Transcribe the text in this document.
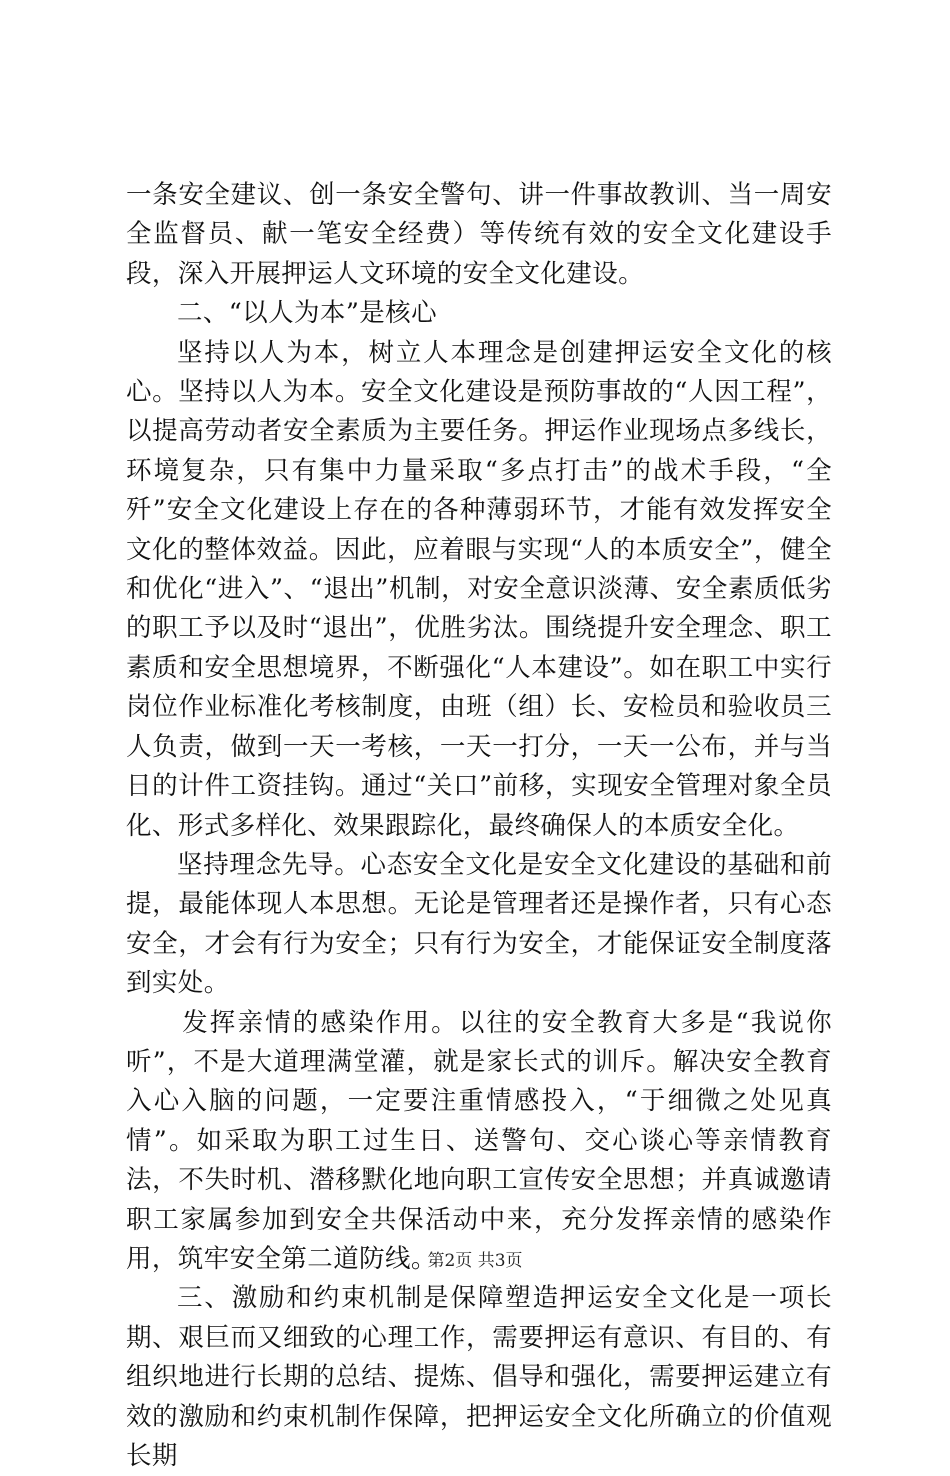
一条安全建议、创一条安全警句、讲一件事故教训、当一周安全监督员、献一笔安全经费）等传统有效的安全文化建设手段，深入开展押运人文环境的安全文化建设。

二、“以人为本”是核心

坚持以人为本，树立人本理念是创建押运安全文化的核心。坚持以人为本。安全文化建设是预防事故的“人因工程”，以提高劳动者安全素质为主要任务。押运作业现场点多线长，环境复杂，只有集中力量采取“多点打击”的战术手段，“全歼”安全文化建设上存在的各种薄弱环节，才能有效发挥安全文化的整体效益。因此，应着眼与实现“人的本质安全”，健全和优化“进入”、“退出”机制，对安全意识淡薄、安全素质低劣的职工予以及时“退出”，优胜劣汰。围绕提升安全理念、职工素质和安全思想境界，不断强化“人本建设”。如在职工中实行岗位作业标准化考核制度，由班（组）长、安检员和验收员三人负责，做到一天一考核，一天一打分，一天一公布，并与当日的计件工资挂钩。通过“关口”前移，实现安全管理对象全员化、形式多样化、效果跟踪化，最终确保人的本质安全化。

坚持理念先导。心态安全文化是安全文化建设的基础和前提，最能体现人本思想。无论是管理者还是操作者，只有心态安全，才会有行为安全；只有行为安全，才能保证安全制度落到实处。

发挥亲情的感染作用。以往的安全教育大多是“我说你听”，不是大道理满堂灌，就是家长式的训斥。解决安全教育入心入脑的问题，一定要注重情感投入，“于细微之处见真情”。如采取为职工过生日、送警句、交心谈心等亲情教育法，不失时机、潜移默化地向职工宣传安全思想；并真诚邀请职工家属参加到安全共保活动中来，充分发挥亲情的感染作用，筑牢安全第二道防线。

三、激励和约束机制是保障塑造押运安全文化是一项长期、艰巨而又细致的心理工作，需要押运有意识、有目的、有组织地进行长期的总结、提炼、倡导和强化，需要押运建立有效的激励和约束机制作保障，把押运安全文化所确立的价值观长期

第2页 共3页
